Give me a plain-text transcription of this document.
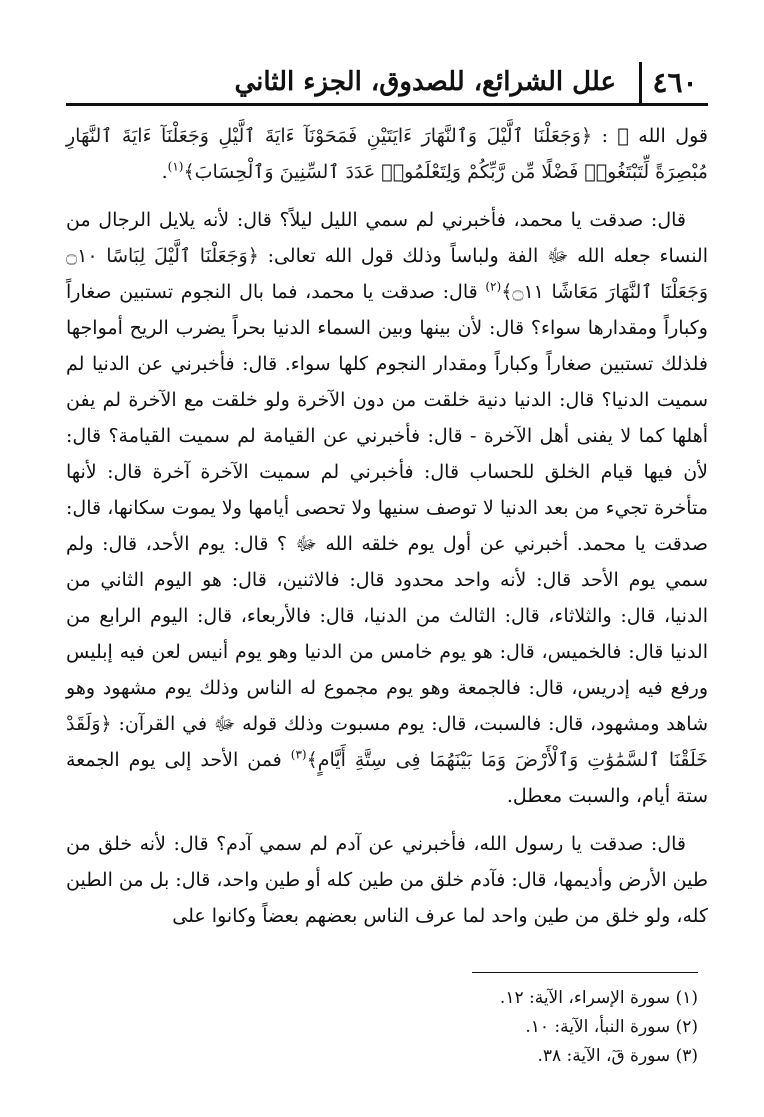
٤٦٠
علل الشرائع، للصدوق، الجزء الثاني

قول الله ﷻ : ﴿وَجَعَلْنَا ٱلَّيْلَ وَٱلنَّهَارَ ءَايَتَيْنِ فَمَحَوْنَآ ءَايَةَ ٱلَّيْلِ وَجَعَلْنَآ ءَايَةَ ٱلنَّهَارِ مُبْصِرَةً لِّتَبْتَغُوا۟ فَضْلًا مِّن رَّبِّكُمْ وَلِتَعْلَمُوا۟ عَدَدَ ٱلسِّنِينَ وَٱلْحِسَابَ﴾$^{(١)}$.

قال: صدقت يا محمد، فأخبرني لم سمي الليل ليلاً؟ قال: لأنه يلايل الرجال من النساء جعله الله ﷻ الفة ولباساً وذلك قول الله تعالى: ﴿وَجَعَلْنَا ٱلَّيْلَ لِبَاسًا ۝١٠ وَجَعَلْنَا ٱلنَّهَارَ مَعَاشًا ۝١١﴾$^{(٢)}$ قال: صدقت يا محمد، فما بال النجوم تستبين صغاراً وكباراً ومقدارها سواء؟ قال: لأن بينها وبين السماء الدنيا بحراً يضرب الريح أمواجها فلذلك تستبين صغاراً وكباراً ومقدار النجوم كلها سواء. قال: فأخبرني عن الدنيا لم سميت الدنيا؟ قال: الدنيا دنية خلقت من دون الآخرة ولو خلقت مع الآخرة لم يفن أهلها كما لا يفنى أهل الآخرة - قال: فأخبرني عن القيامة لم سميت القيامة؟ قال: لأن فيها قيام الخلق للحساب قال: فأخبرني لم سميت الآخرة آخرة قال: لأنها متأخرة تجيء من بعد الدنيا لا توصف سنيها ولا تحصى أيامها ولا يموت سكانها، قال: صدقت يا محمد. أخبرني عن أول يوم خلقه الله ﷻ ؟ قال: يوم الأحد، قال: ولم سمي يوم الأحد قال: لأنه واحد محدود قال: فالاثنين، قال: هو اليوم الثاني من الدنيا، قال: والثلاثاء، قال: الثالث من الدنيا، قال: فالأربعاء، قال: اليوم الرابع من الدنيا قال: فالخميس، قال: هو يوم خامس من الدنيا وهو يوم أنيس لعن فيه إبليس ورفع فيه إدريس، قال: فالجمعة وهو يوم مجموع له الناس وذلك يوم مشهود وهو شاهد ومشهود، قال: فالسبت، قال: يوم مسبوت وذلك قوله ﷻ في القرآن: ﴿وَلَقَدْ خَلَقْنَا ٱلسَّمَٰوَٰتِ وَٱلْأَرْضَ وَمَا بَيْنَهُمَا فِى سِتَّةِ أَيَّامٍ﴾$^{(٣)}$ فمن الأحد إلى يوم الجمعة ستة أيام، والسبت معطل.

قال: صدقت يا رسول الله، فأخبرني عن آدم لم سمي آدم؟ قال: لأنه خلق من طين الأرض وأديمها، قال: فآدم خلق من طين كله أو طين واحد، قال: بل من الطين كله، ولو خلق من طين واحد لما عرف الناس بعضهم بعضاً وكانوا على

(١) سورة الإسراء، الآية: ١٢.
(٢) سورة النبأ، الآية: ١٠.
(٣) سورة قٓ، الآية: ٣٨.
